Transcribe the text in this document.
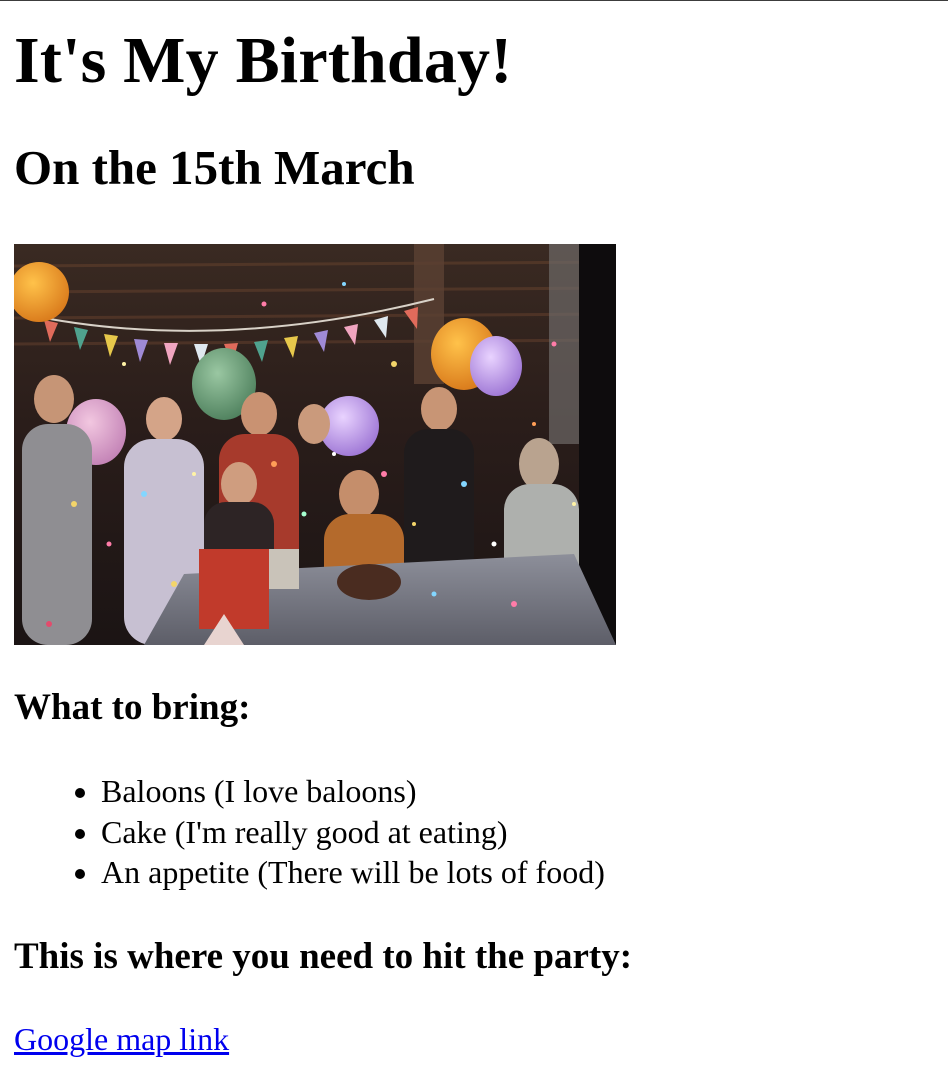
It's My Birthday!
On the 15th March
What to bring:
• Baloons (I love baloons)
• Cake (I'm really good at eating)
• An appetite (There will be lots of food)
This is where you need to hit the party:
Google map link
